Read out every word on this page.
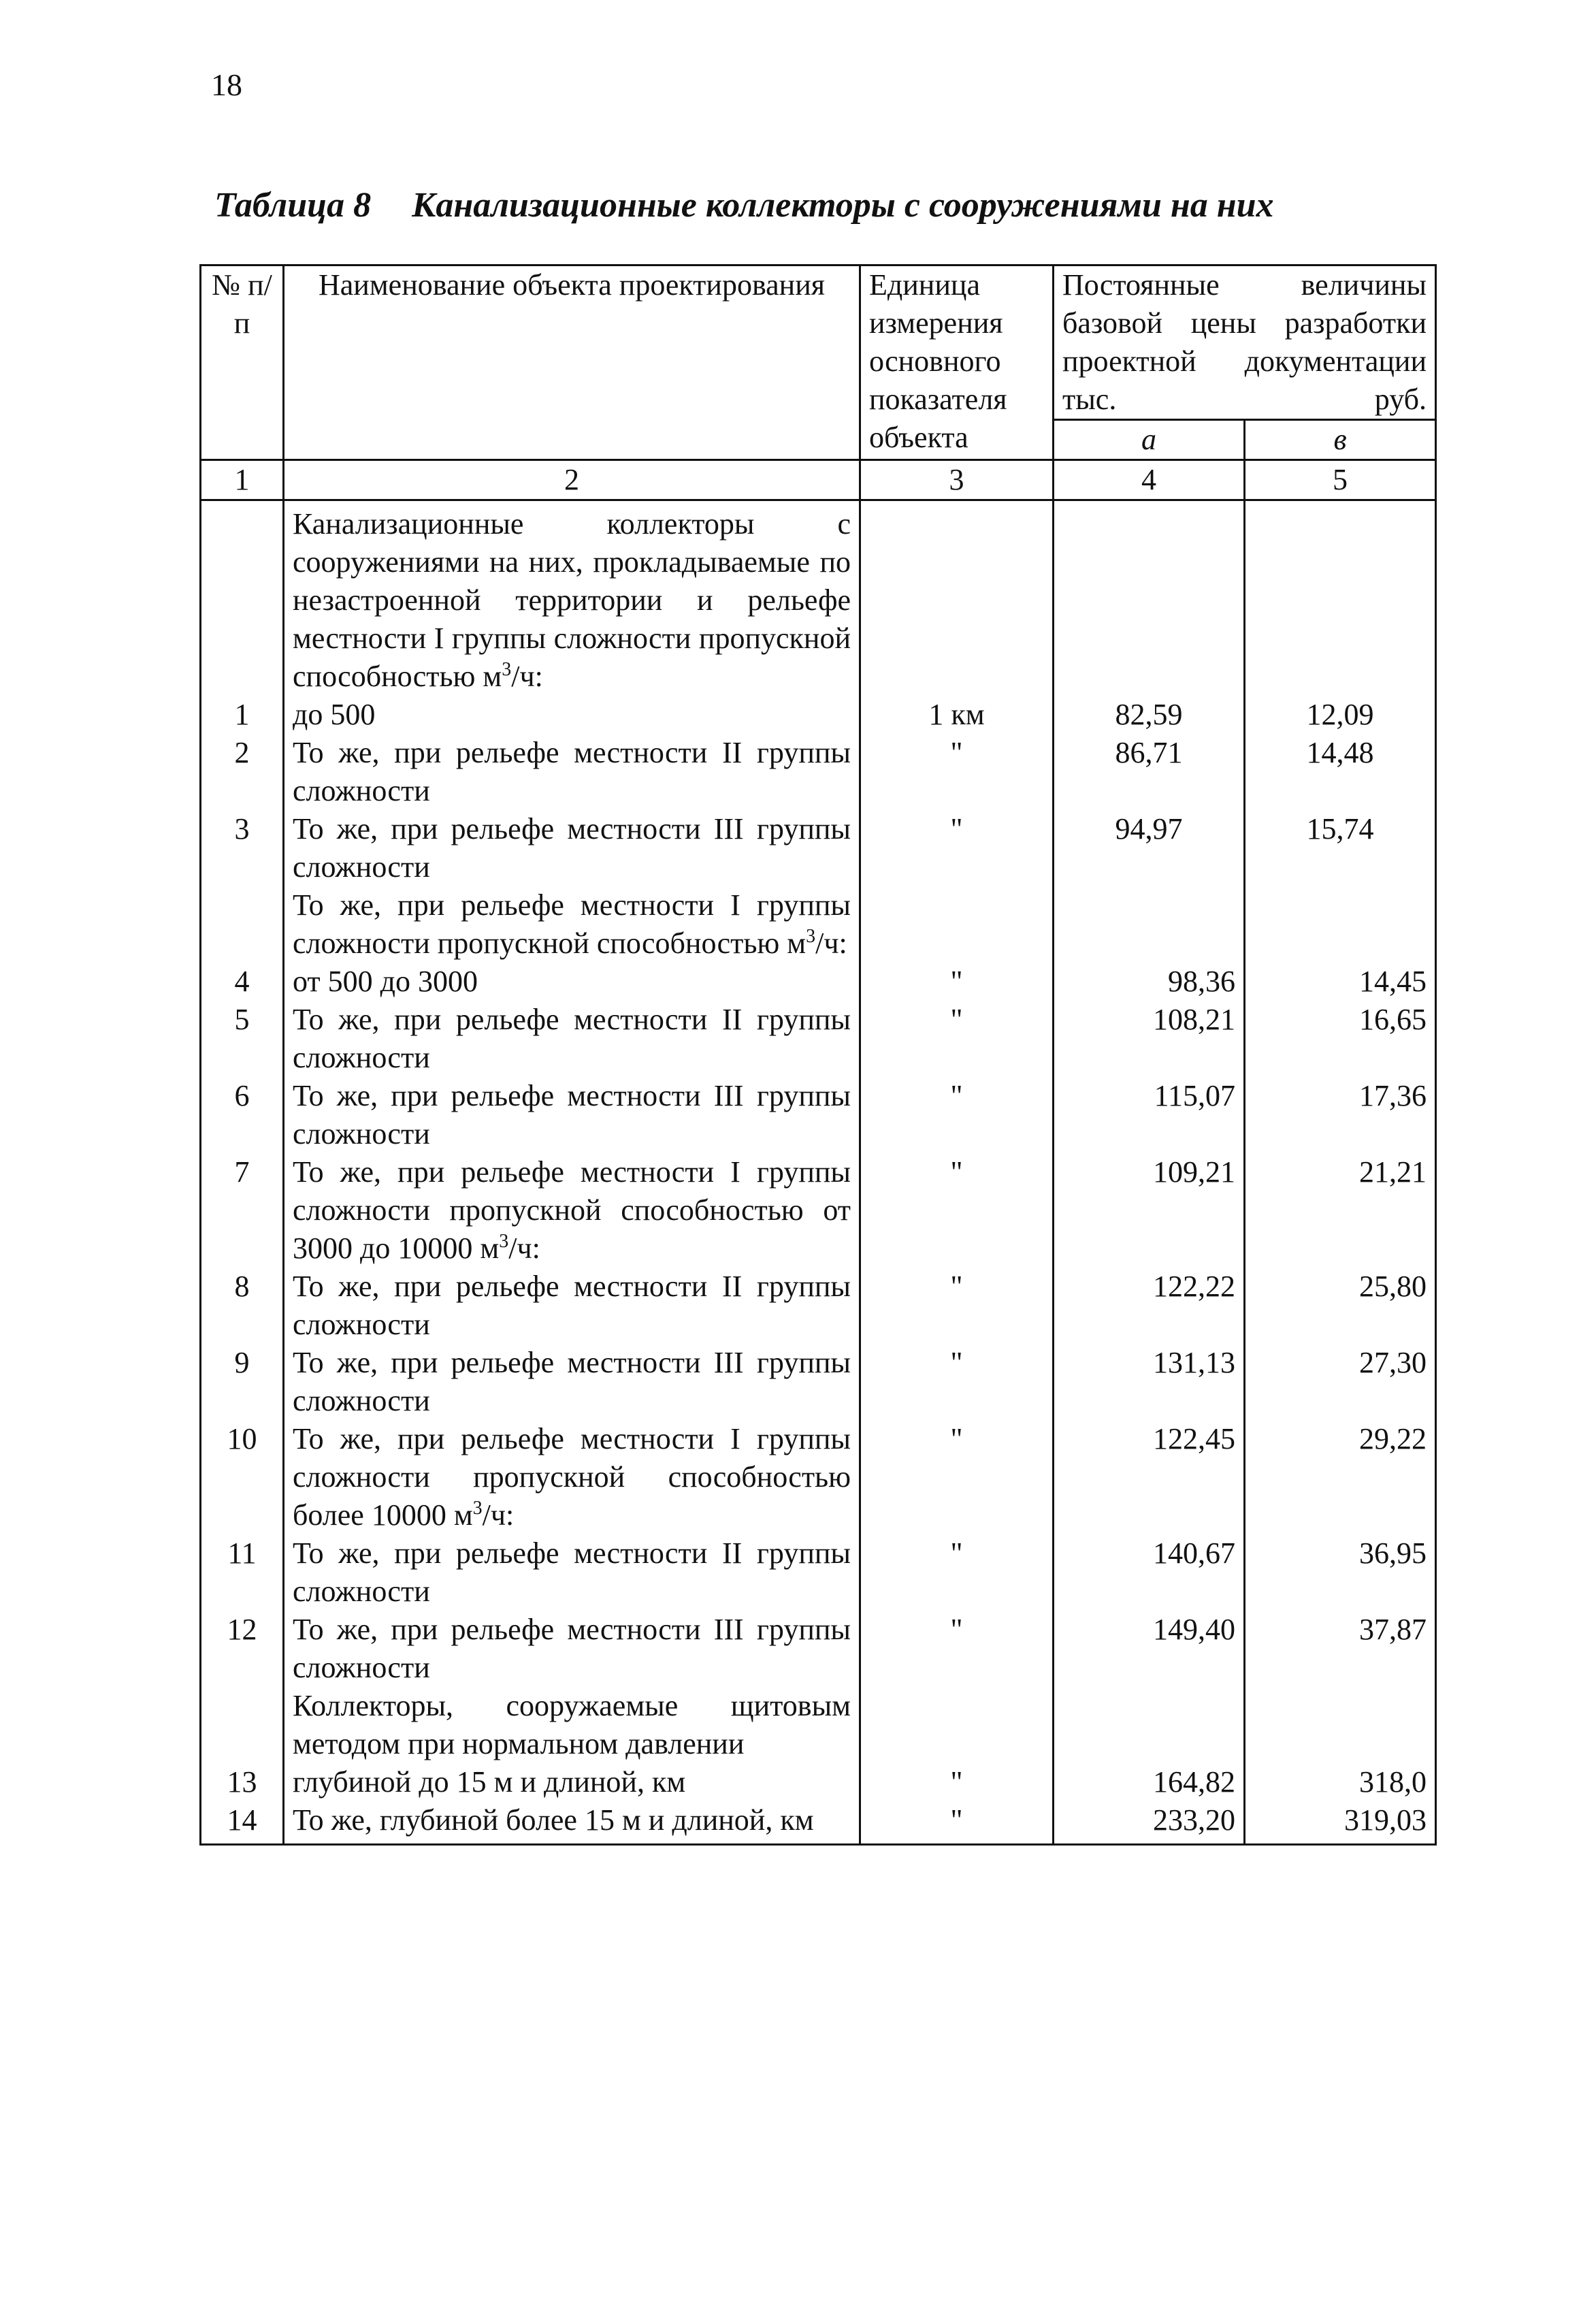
18
Таблица 8 Канализационные коллекторы с сооружениями на них
№ п/п	Наименование объекта проектирования	Единица измерения основного показателя объекта	Постоянные величины базовой цены разработки проектной документации тыс. руб.	
			а	в
1	2	3	4	5
	Канализационные коллекторы с сооружениями на них, прокладываемые по незастроенной территории и рельефе местности I группы сложности пропускной способностью $м^3/ч$:			
1	до 500	1 км	82,59	12,09
2	То же, при рельефе местности II группы сложности	"	86,71	14,48
3	То же, при рельефе местности III группы сложности	"	94,97	15,74
	То же, при рельефе местности I группы сложности пропускной способностью $м^3/ч$:			
4	от 500 до 3000	"	98,36	14,45
5	То же, при рельефе местности II группы сложности	"	108,21	16,65
6	То же, при рельефе местности III группы сложности	"	115,07	17,36
7	То же, при рельефе местности I группы сложности пропускной способностью от 3000 до 10000 $м^3/ч$:	"	109,21	21,21
8	То же, при рельефе местности II группы сложности	"	122,22	25,80
9	То же, при рельефе местности III группы сложности	"	131,13	27,30
10	То же, при рельефе местности I группы сложности пропускной способностью более 10000 $м^3/ч$:	"	122,45	29,22
11	То же, при рельефе местности II группы сложности	"	140,67	36,95
12	То же, при рельефе местности III группы сложности	"	149,40	37,87
	Коллекторы, сооружаемые щитовым методом при нормальном давлении			
13	глубиной до 15 м и длиной, км	"	164,82	318,0
14	То же, глубиной более 15 м и длиной, км	"	233,20	319,03
